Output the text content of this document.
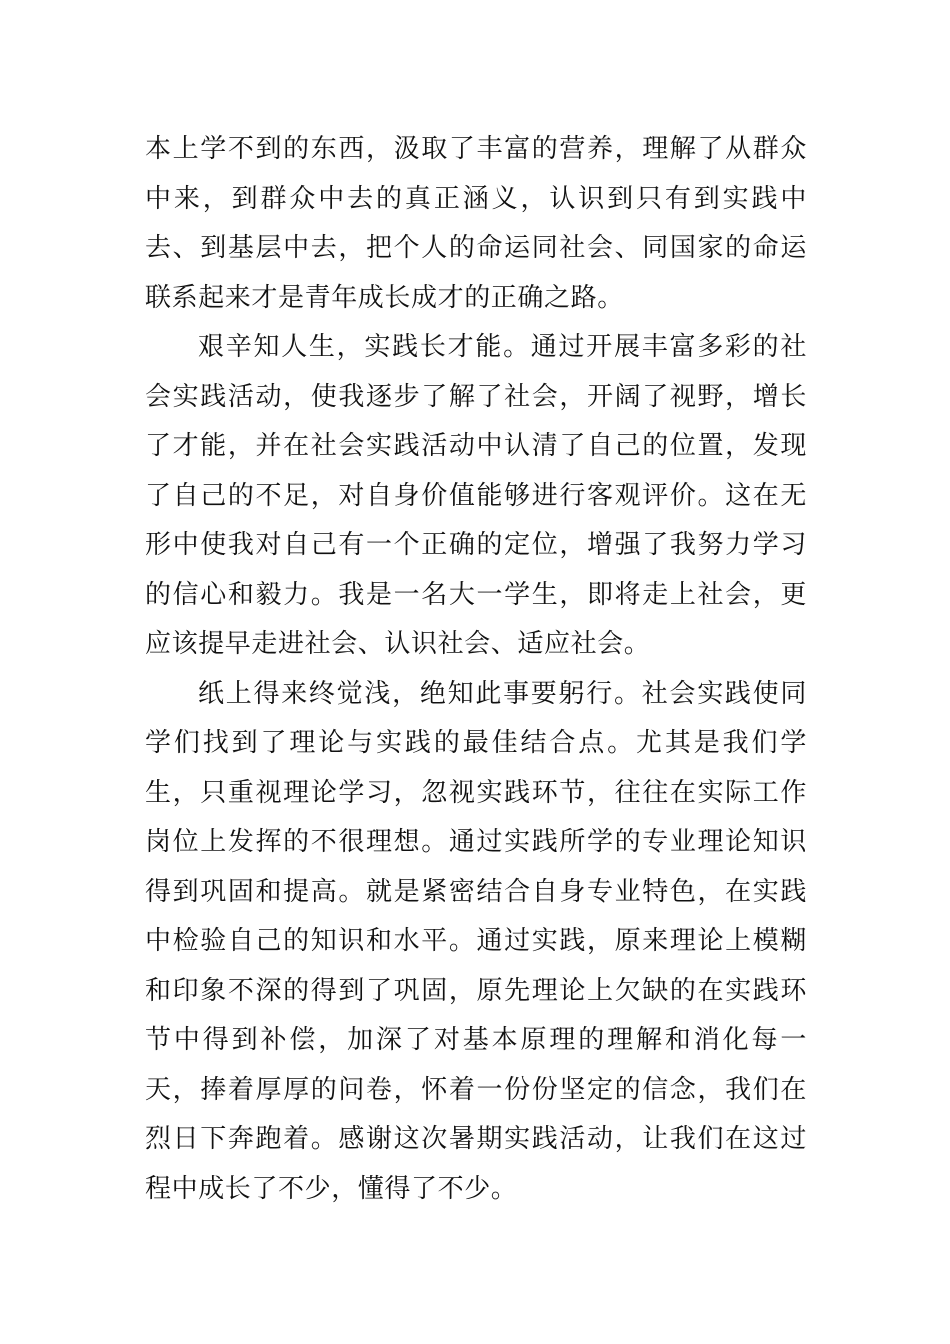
本上学不到的东西，汲取了丰富的营养，理解了从群众中来，到群众中去的真正涵义，认识到只有到实践中去、到基层中去，把个人的命运同社会、同国家的命运联系起来才是青年成长成才的正确之路。

艰辛知人生，实践长才能。通过开展丰富多彩的社会实践活动，使我逐步了解了社会，开阔了视野，增长了才能，并在社会实践活动中认清了自己的位置，发现了自己的不足，对自身价值能够进行客观评价。这在无形中使我对自己有一个正确的定位，增强了我努力学习的信心和毅力。我是一名大一学生，即将走上社会，更应该提早走进社会、认识社会、适应社会。

纸上得来终觉浅，绝知此事要躬行。社会实践使同学们找到了理论与实践的最佳结合点。尤其是我们学生，只重视理论学习，忽视实践环节，往往在实际工作岗位上发挥的不很理想。通过实践所学的专业理论知识得到巩固和提高。就是紧密结合自身专业特色，在实践中检验自己的知识和水平。通过实践，原来理论上模糊和印象不深的得到了巩固，原先理论上欠缺的在实践环节中得到补偿，加深了对基本原理的理解和消化每一天，捧着厚厚的问卷，怀着一份份坚定的信念，我们在烈日下奔跑着。感谢这次暑期实践活动，让我们在这过程中成长了不少，懂得了不少。
